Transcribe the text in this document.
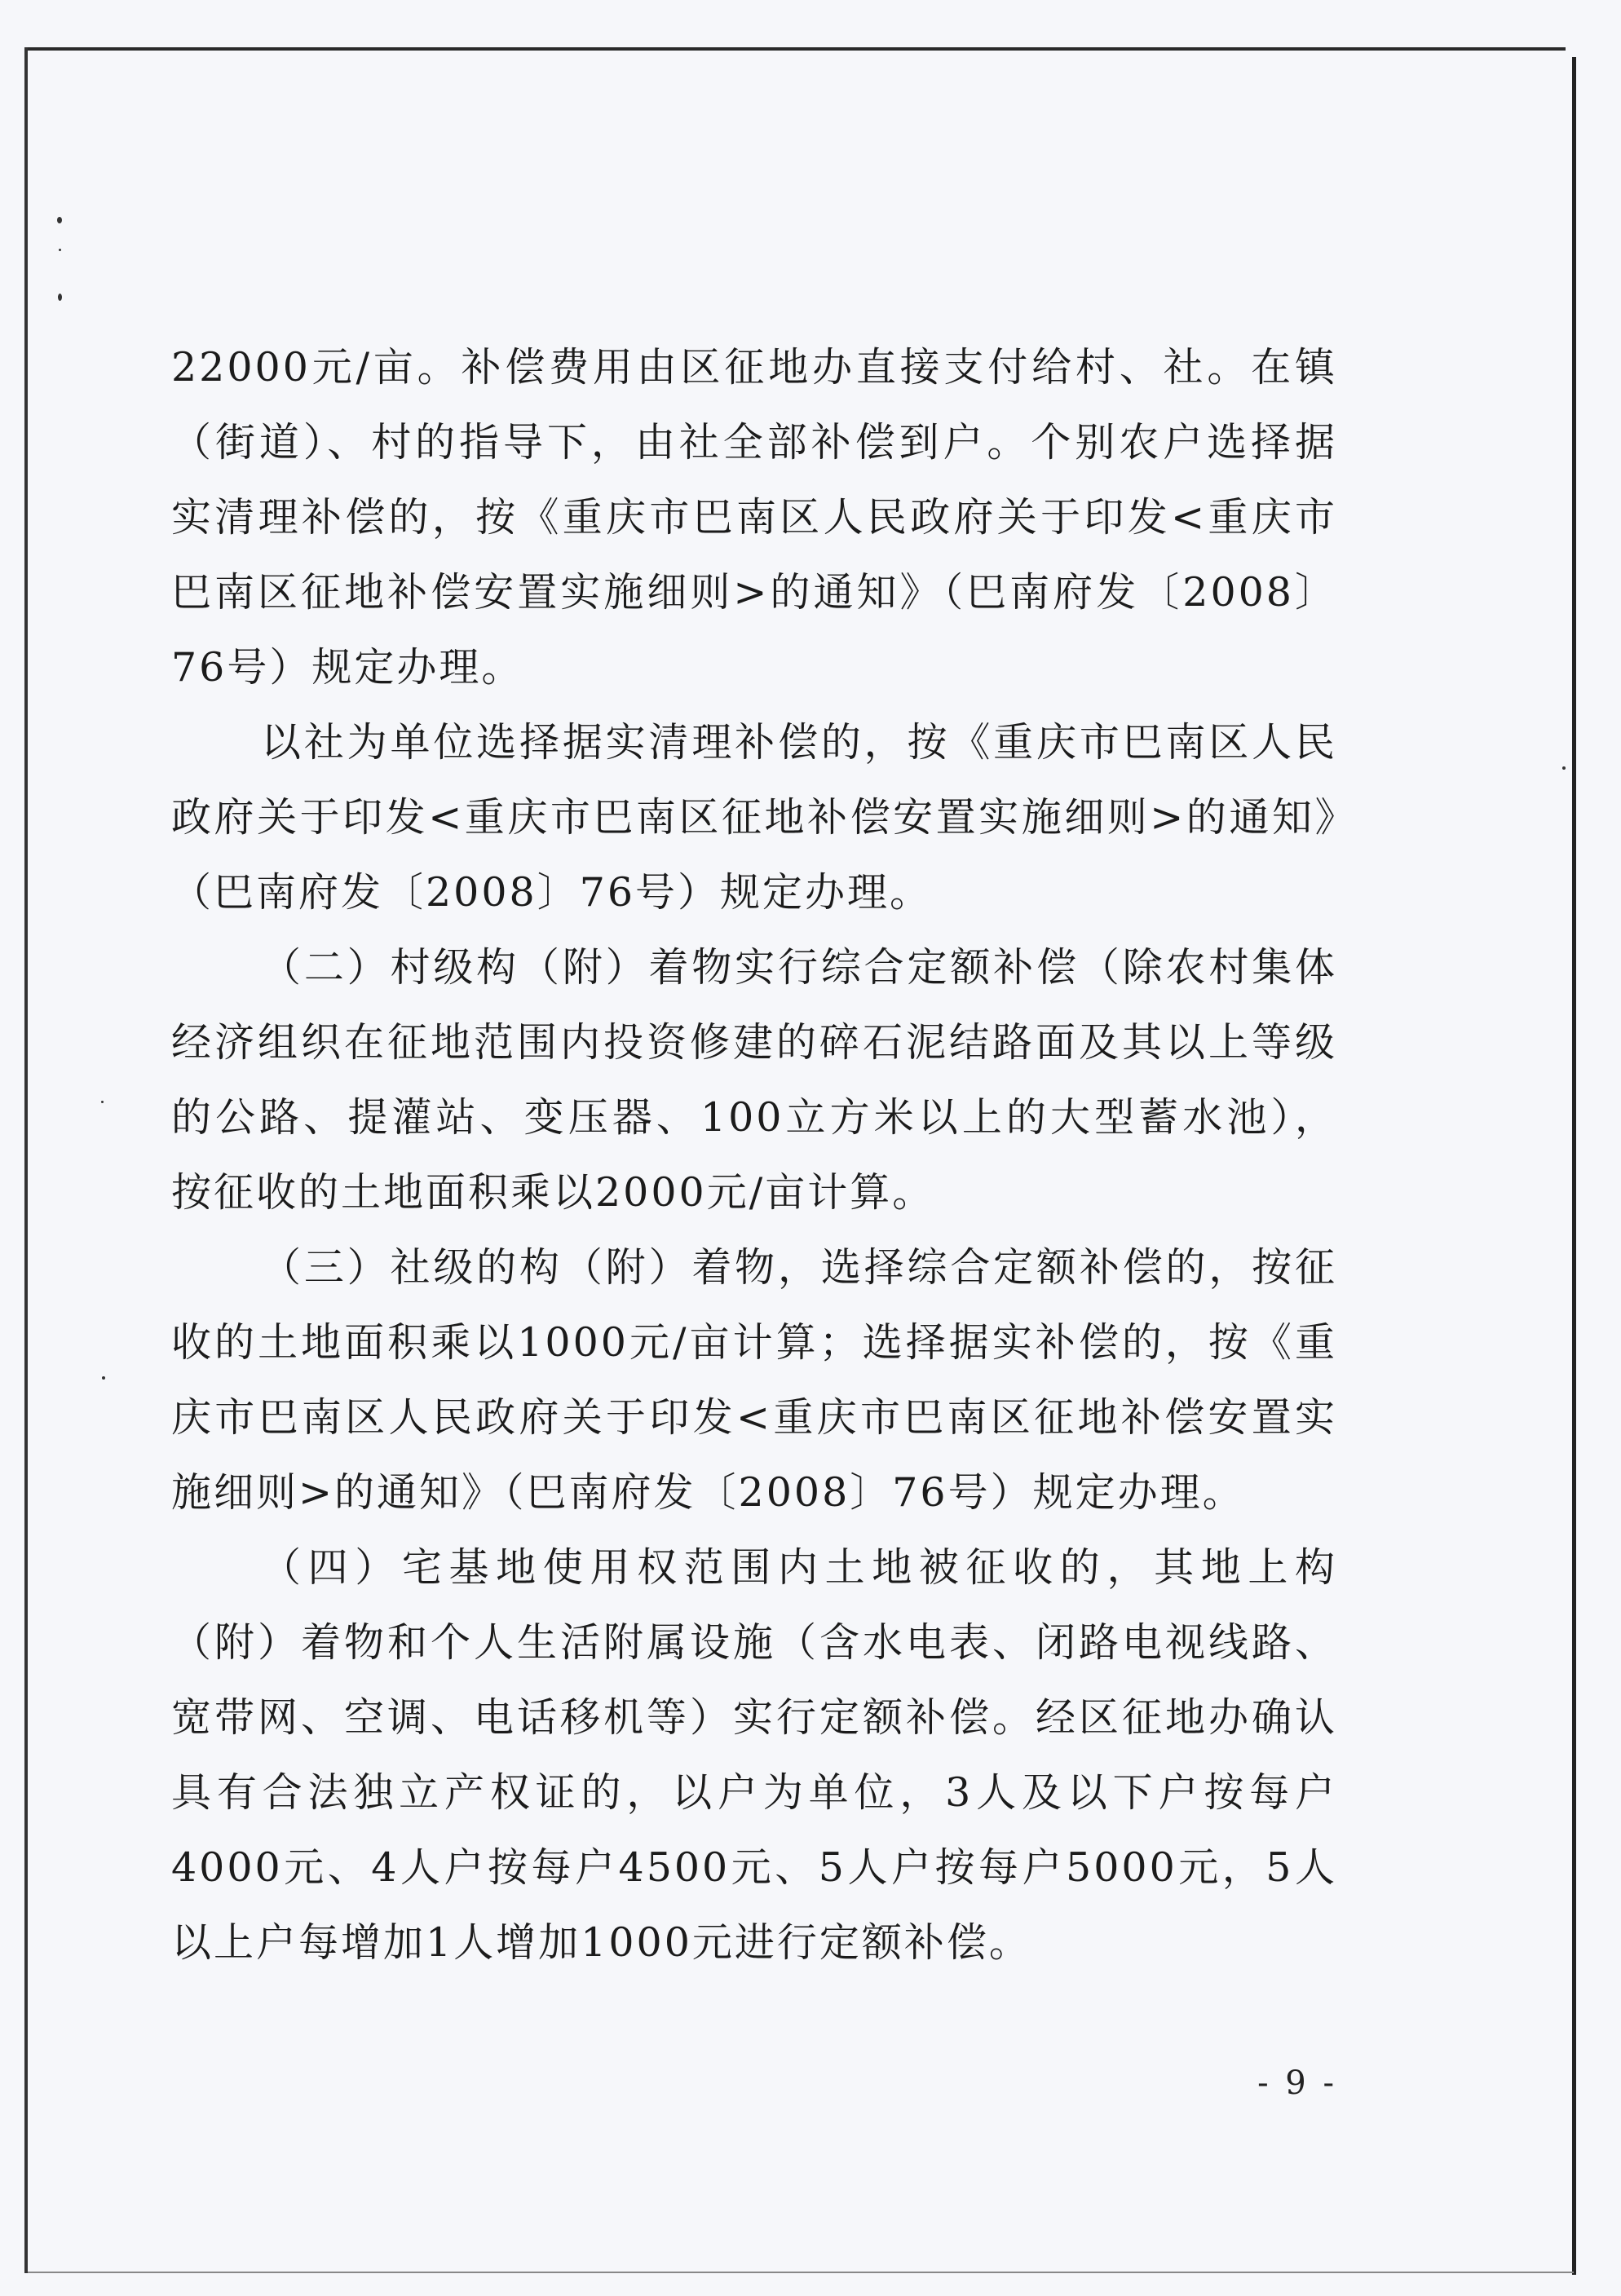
22000元/亩。补偿费用由区征地办直接支付给村、社。在镇（街道）、村的指导下，由社全部补偿到户。个别农户选择据实清理补偿的，按《重庆市巴南区人民政府关于印发<重庆市巴南区征地补偿安置实施细则>的通知》（巴南府发〔2008〕76号）规定办理。

以社为单位选择据实清理补偿的，按《重庆市巴南区人民政府关于印发<重庆市巴南区征地补偿安置实施细则>的通知》（巴南府发〔2008〕76号）规定办理。

（二）村级构（附）着物实行综合定额补偿（除农村集体经济组织在征地范围内投资修建的碎石泥结路面及其以上等级的公路、提灌站、变压器、100立方米以上的大型蓄水池），按征收的土地面积乘以2000元/亩计算。

（三）社级的构（附）着物，选择综合定额补偿的，按征收的土地面积乘以1000元/亩计算；选择据实补偿的，按《重庆市巴南区人民政府关于印发<重庆市巴南区征地补偿安置实施细则>的通知》（巴南府发〔2008〕76号）规定办理。

（四）宅基地使用权范围内土地被征收的，其地上构（附）着物和个人生活附属设施（含水电表、闭路电视线路、宽带网、空调、电话移机等）实行定额补偿。经区征地办确认具有合法独立产权证的，以户为单位，3人及以下户按每户4000元、4人户按每户4500元、5人户按每户5000元，5人以上户每增加1人增加1000元进行定额补偿。

- 9 -
